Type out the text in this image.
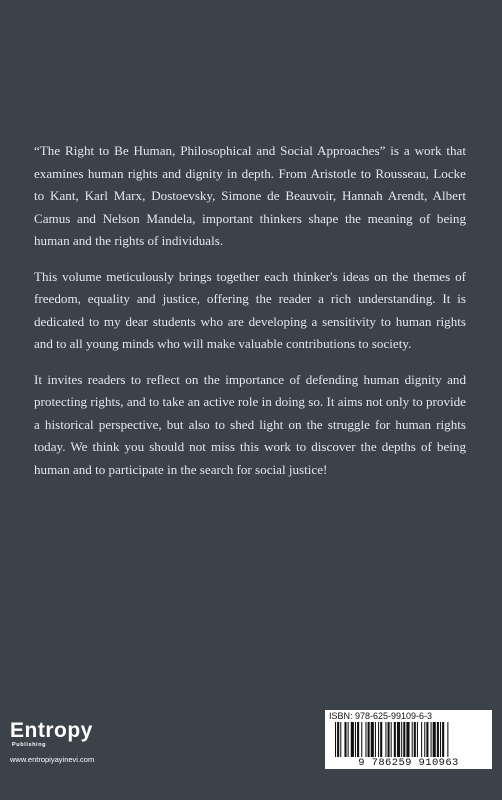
“The Right to Be Human, Philosophical and Social Approaches” is a work that examines human rights and dignity in depth. From Aristotle to Rousseau, Locke to Kant, Karl Marx, Dostoevsky, Simone de Beauvoir, Hannah Arendt, Albert Camus and Nelson Mandela, important thinkers shape the meaning of being human and the rights of individuals.

This volume meticulously brings together each thinker's ideas on the themes of freedom, equality and justice, offering the reader a rich understanding. It is dedicated to my dear students who are developing a sensitivity to human rights and to all young minds who will make valuable contributions to society.

It invites readers to reflect on the importance of defending human dignity and protecting rights, and to take an active role in doing so. It aims not only to provide a historical perspective, but also to shed light on the struggle for human rights today. We think you should not miss this work to discover the depths of being human and to participate in the search for social justice!

Entropy
Publishing
www.entropiyayinevi.com
ISBN: 978-625-99109-6-3
9 786259 910963
